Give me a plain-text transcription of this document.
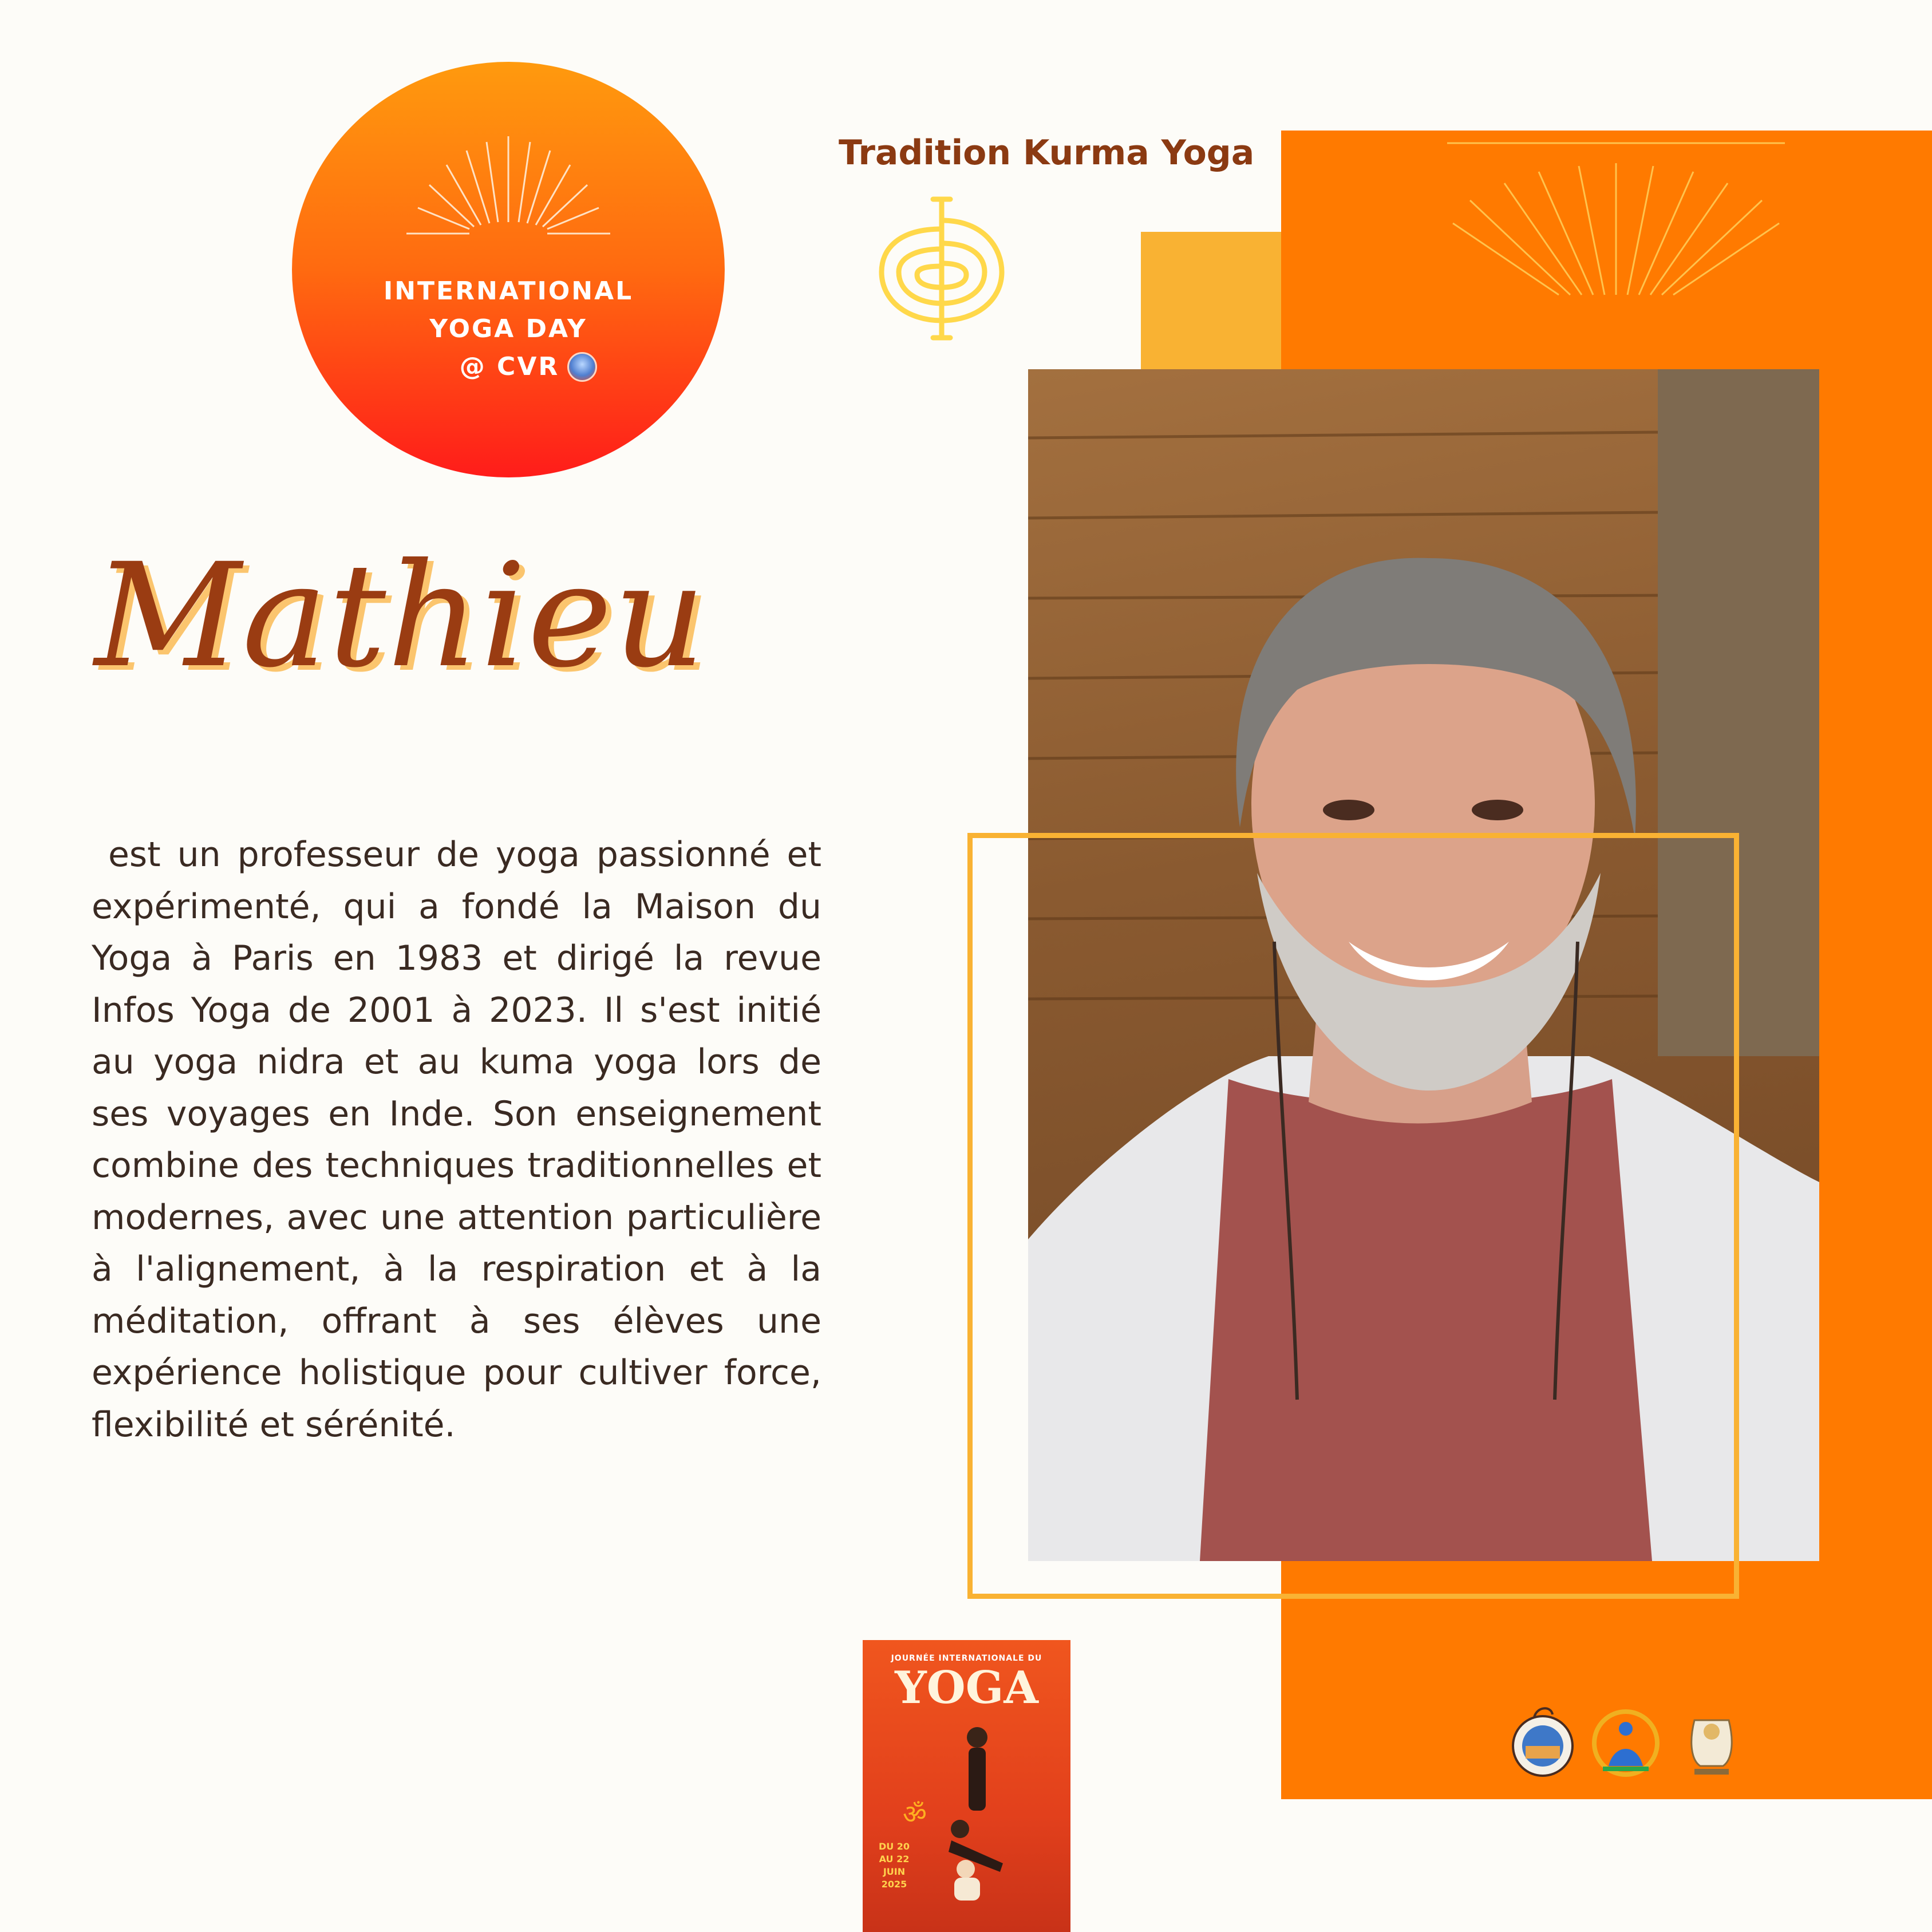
INTERNATIONAL
YOGA DAY
@ CVR
Tradition Kurma Yoga
Mathieu
est un professeur de yoga passionné et expérimenté, qui a fondé la Maison du Yoga à Paris en 1983 et dirigé la revue Infos Yoga de 2001 à 2023. Il s'est initié au yoga nidra et au kuma yoga lors de ses voyages en Inde. Son enseignement combine des techniques traditionnelles et modernes, avec une attention particulière à l'alignement, à la respiration et à la méditation, offrant à ses élèves une expérience holistique pour cultiver force, flexibilité et sérénité.
JOURNÉE INTERNATIONALE DU
YOGA
ॐ
DU 20 AU 22 JUIN 2025
